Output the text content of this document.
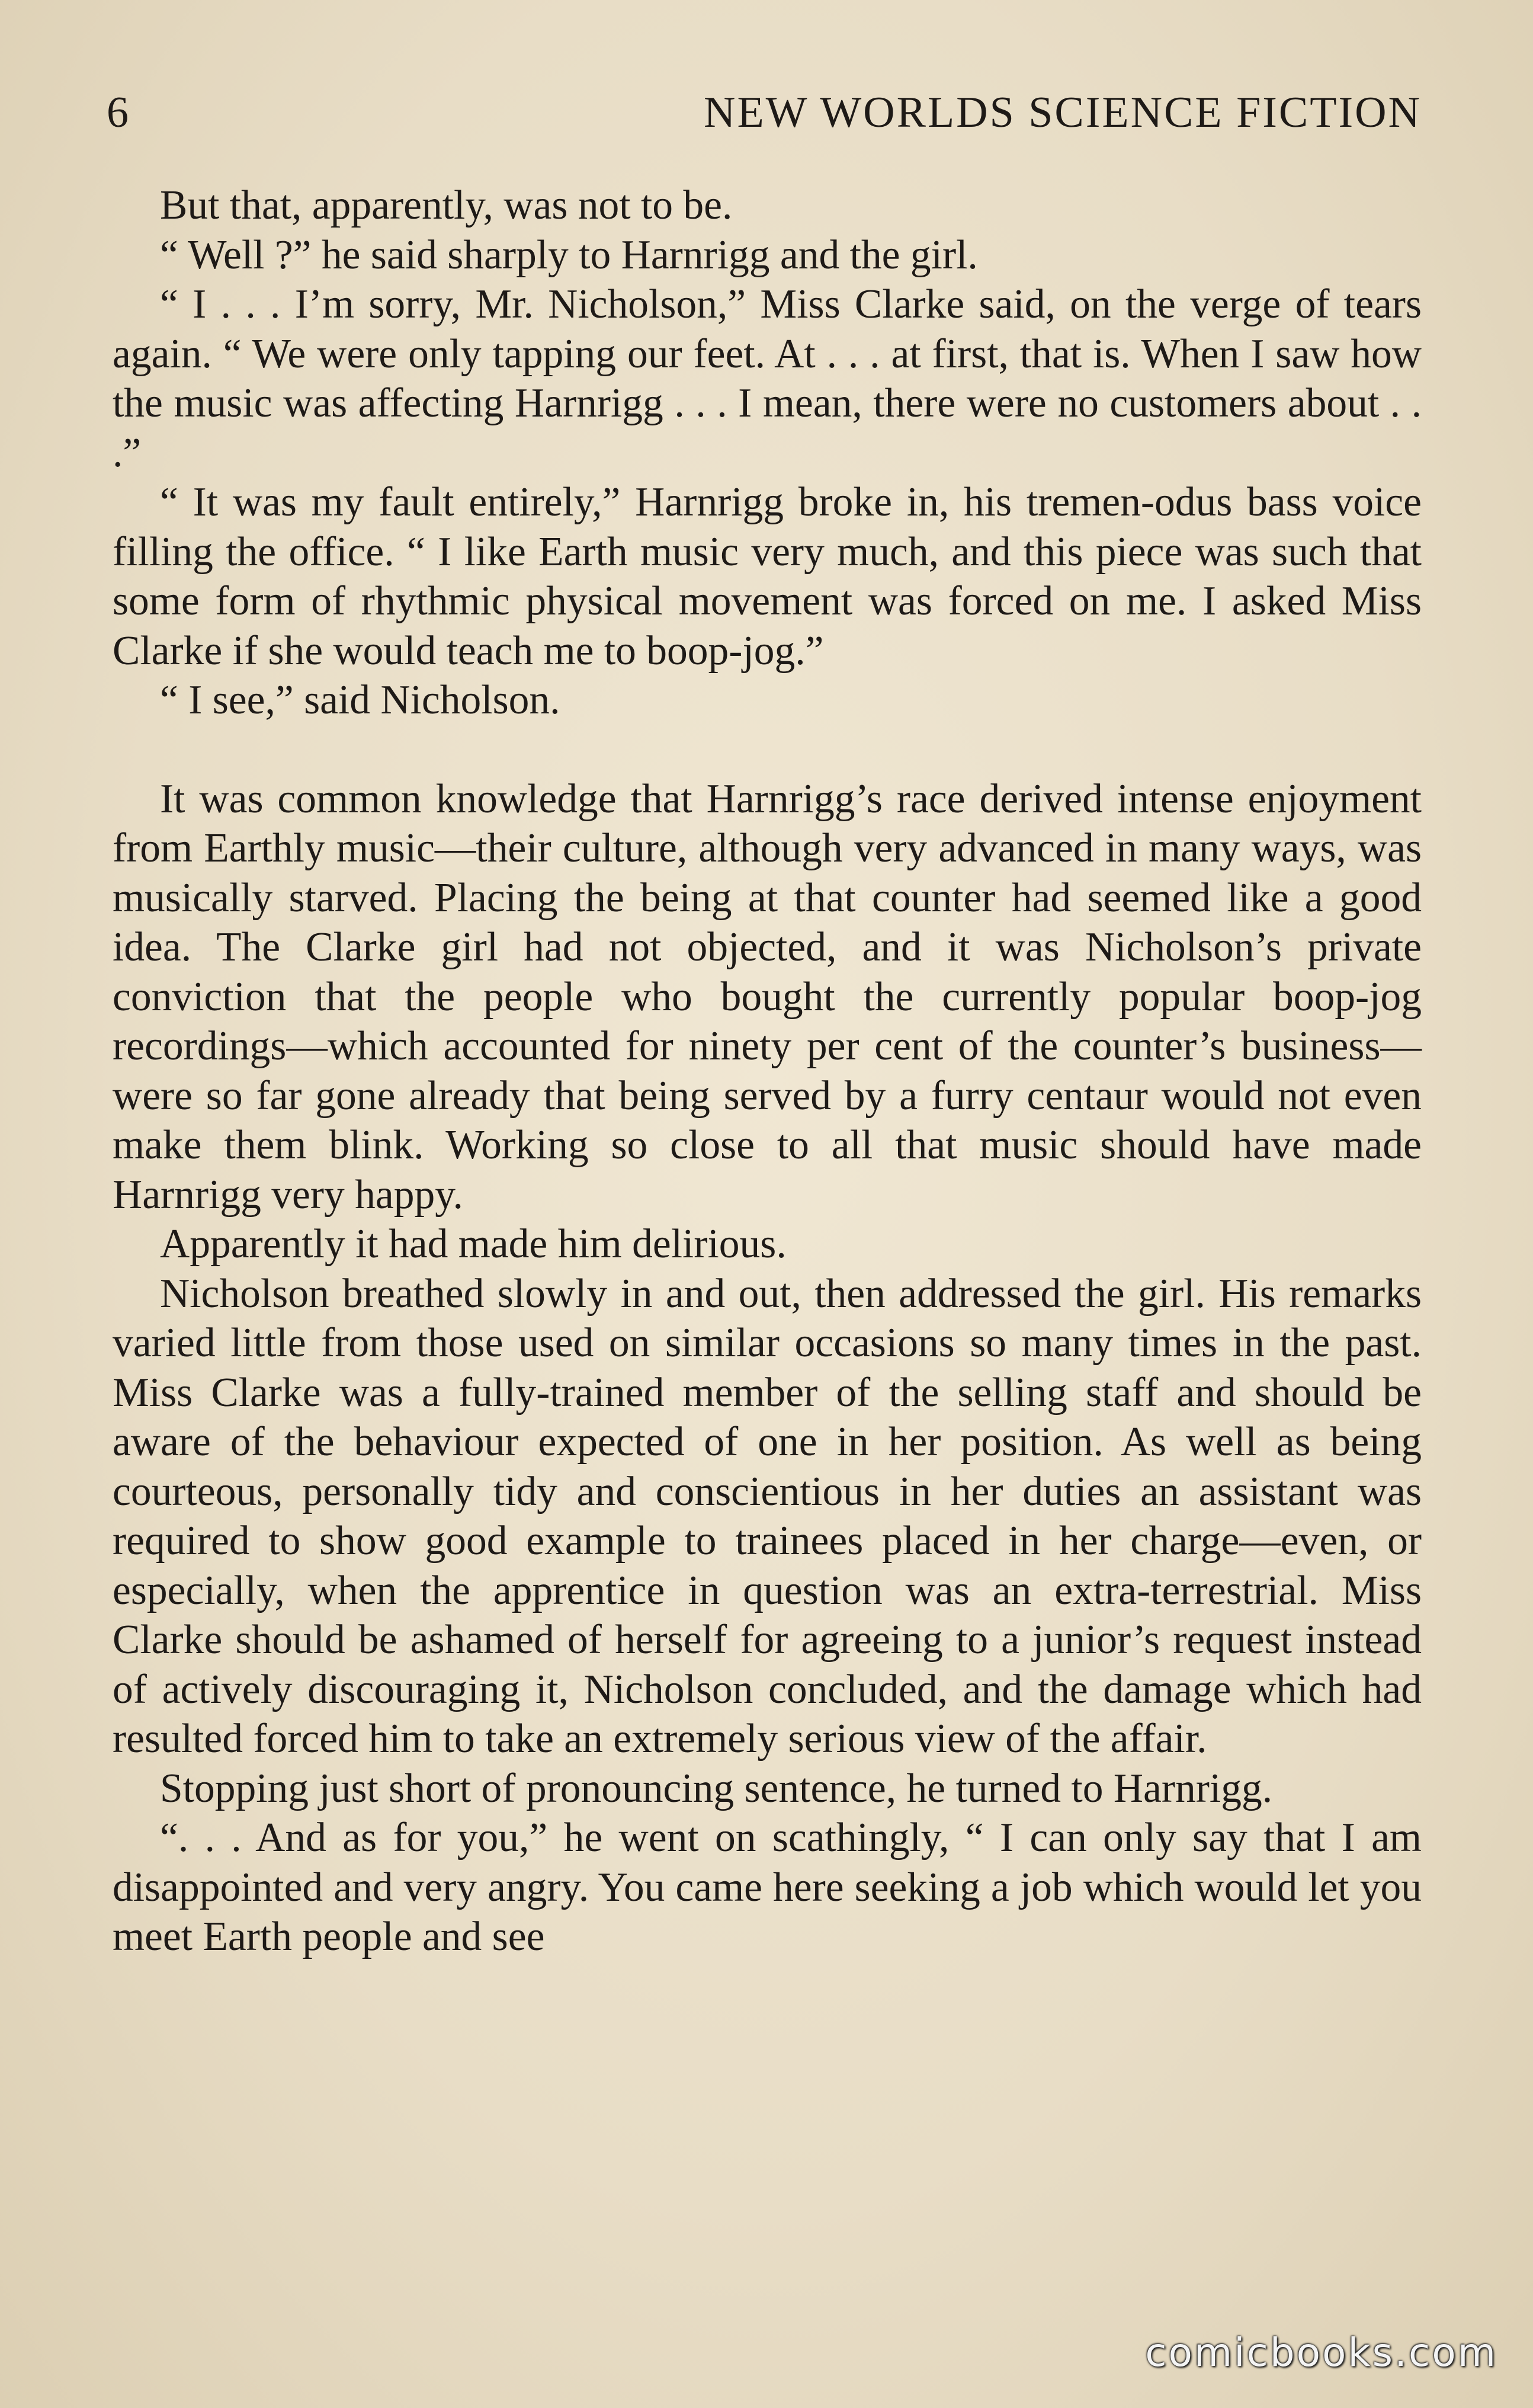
6	NEW WORLDS SCIENCE FICTION

But that, apparently, was not to be.

“ Well ?” he said sharply to Harnrigg and the girl.

“ I . . . I’m sorry, Mr. Nicholson,” Miss Clarke said, on the verge of tears again. “ We were only tapping our feet. At . . . at first, that is. When I saw how the music was affecting Harnrigg . . . I mean, there were no customers about . . .”

“ It was my fault entirely,” Harnrigg broke in, his tremen-odus bass voice filling the office. “ I like Earth music very much, and this piece was such that some form of rhythmic physical movement was forced on me. I asked Miss Clarke if she would teach me to boop-jog.”

“ I see,” said Nicholson.

It was common knowledge that Harnrigg’s race derived intense enjoyment from Earthly music—their culture, although very advanced in many ways, was musically starved. Placing the being at that counter had seemed like a good idea. The Clarke girl had not objected, and it was Nicholson’s private conviction that the people who bought the currently popular boop-jog recordings—which accounted for ninety per cent of the counter’s business—were so far gone already that being served by a furry centaur would not even make them blink. Working so close to all that music should have made Harnrigg very happy.

Apparently it had made him delirious.

Nicholson breathed slowly in and out, then addressed the girl. His remarks varied little from those used on similar occasions so many times in the past. Miss Clarke was a fully-trained member of the selling staff and should be aware of the behaviour expected of one in her position. As well as being courteous, personally tidy and conscientious in her duties an assistant was required to show good example to trainees placed in her charge—even, or especially, when the apprentice in question was an extra-terrestrial. Miss Clarke should be ashamed of herself for agreeing to a junior’s request instead of actively discouraging it, Nicholson concluded, and the damage which had resulted forced him to take an extremely serious view of the affair.

Stopping just short of pronouncing sentence, he turned to Harnrigg.

“. . . And as for you,” he went on scathingly, “ I can only say that I am disappointed and very angry. You came here seeking a job which would let you meet Earth people and see

comicbooks.com
